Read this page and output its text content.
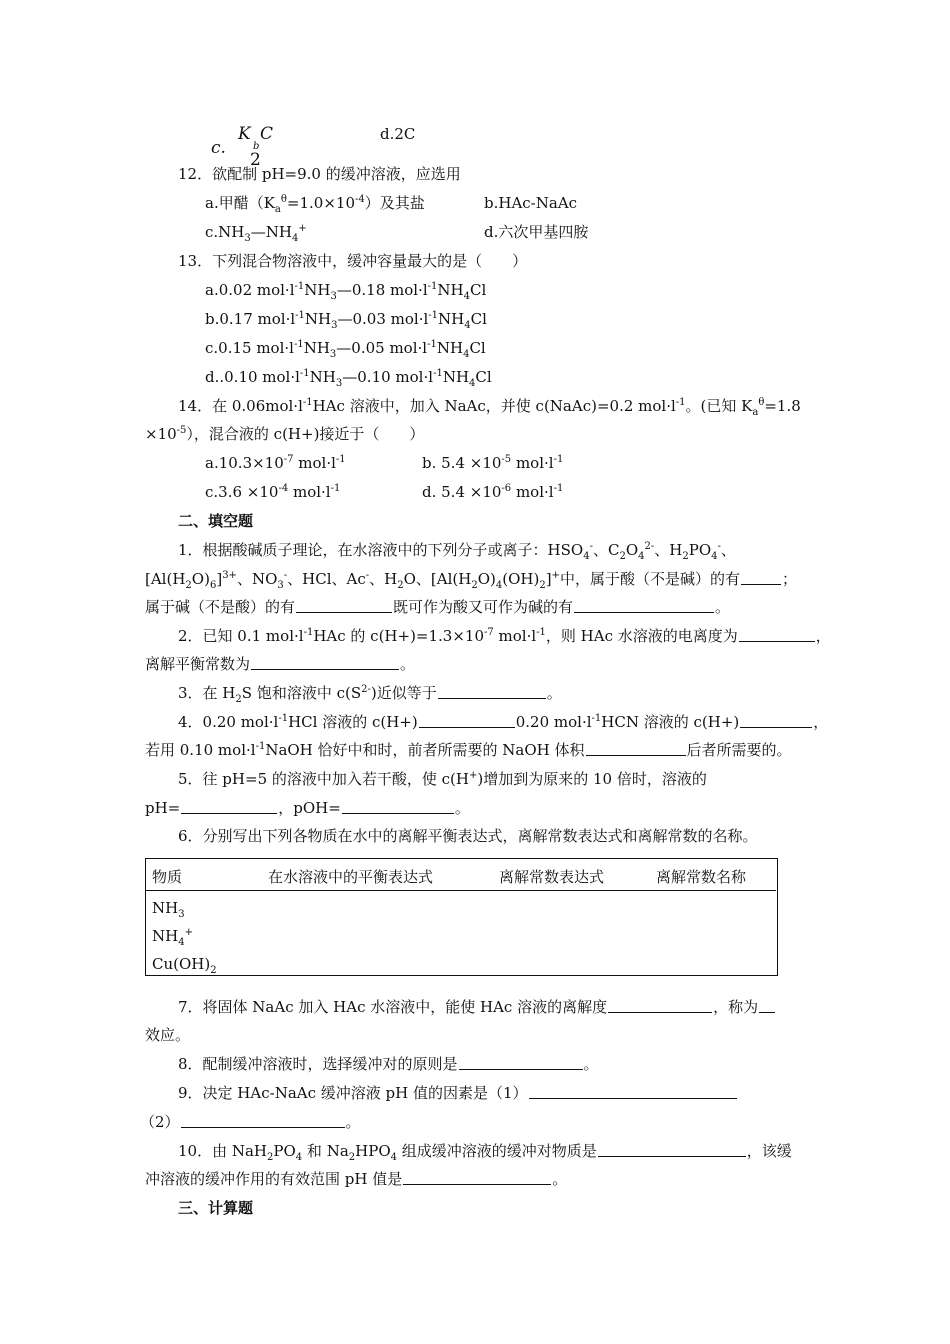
c.
K
b
C
2
d.2C
12．欲配制 pH=9.0 的缓冲溶液，应选用
a.甲醋$(K_a^\theta=1.0\times 10^{-4})$及其盐	b.HAc-NaAc
$c.NH_3—NH_4^+$	d.六次甲基四胺
13．下列混合物溶液中，缓冲容量最大的是（　　）
a.0.02 $mol\cdot l^{-1}NH_3—0.18$ $mol\cdot l^{-1}NH_4Cl$
b.0.17 $mol\cdot l^{-1}NH_3—0.03$ $mol\cdot l^{-1}NH_4Cl$
c.0.15 $mol\cdot l^{-1}NH_3—0.05$ $mol\cdot l^{-1}NH_4Cl$
d..0.10 $mol\cdot l^{-1}NH_3—0.10$ $mol\cdot l^{-1}NH_4Cl$
14．在 $0.06mol\cdot l^{-1}HAc$ 溶液中，加入 NaAc，并使 c(NaAc)=0.2 $mol\cdot l^{-1}$。(已知 $K_a^\theta=1.8$
$\times 10^{-5}$），混合液的 c(H+)接近于（　　）
$a.10.3\times 10^{-7}$ $mol\cdot l^{-1}$	b. $5.4 \times 10^{-5}$ $mol\cdot l^{-1}$
$c.3.6 \times 10^{-4}$ $mol\cdot l^{-1}$	d. $5.4 \times 10^{-6}$ $mol\cdot l^{-1}$
二、填空题
1．根据酸碱质子理论，在水溶液中的下列分子或离子：$HSO_4^-$、$C_2O_4^{2-}$、$H_2PO_4^-$、
$[Al(H_2O)_6]^{3+}$、$NO_3^-$、HCl、Ac-、$H_2O$、$[Al(H_2O)_4(OH)_2]^+$中，属于酸（不是碱）的有	；
属于碱（不是酸）的有	既可作为酸又可作为碱的有	。
2．已知 0.1 $mol\cdot l^{-1}HAc$ 的 $c(H+)=1.3\times 10^{-7}$ $mol\cdot l^{-1}$，则 HAc 水溶液的电离度为	，
离解平衡常数为	。
3．在 $H_2S$ 饱和溶液中 $c(S^{2-})$近似等于	。
4．0.20 $mol\cdot l^{-1}HCl$ 溶液的 c(H+)	0.20 $mol\cdot l^{-1}HCN$ 溶液的 c(H+)	，
若用 0.10 $mol\cdot l^{-1}NaOH$ 恰好中和时，前者所需要的 NaOH 体积	后者所需要的。
5．往 pH=5 的溶液中加入若干酸，使 c(H+)增加到为原来的 10 倍时，溶液的
pH=	，pOH=	。
6．分别写出下列各物质在水中的离解平衡表达式，离解常数表达式和离解常数的名称。
物质	在水溶液中的平衡表达式	离解常数表达式	离解常数名称
$NH_3$
$NH_4^+$
$Cu(OH)_2$
7．将固体 NaAc 加入 HAc 水溶液中，能使 HAc 溶液的离解度	，称为
效应。
8．配制缓冲溶液时，选择缓冲对的原则是	。
9．决定 HAc-NaAc 缓冲溶液 pH 值的因素是（1）
（2）	。
10．由 $NaH_2PO_4$ 和 $Na_2HPO_4$ 组成缓冲溶液的缓冲对物质是	，该缓
冲溶液的缓冲作用的有效范围 pH 值是	。
三、计算题
